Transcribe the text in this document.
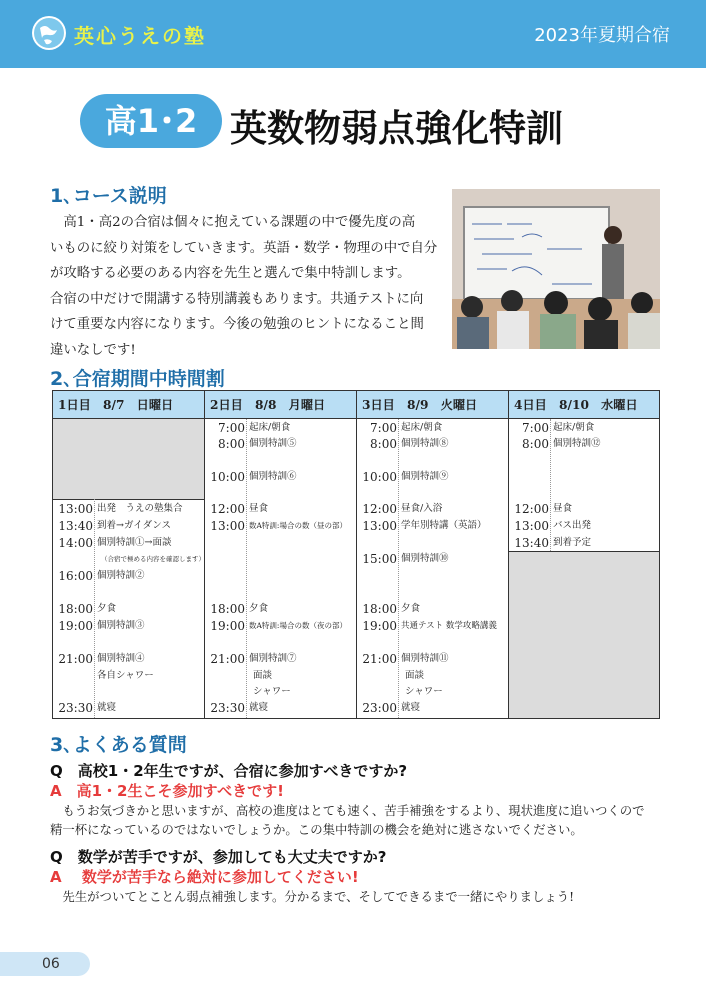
英心うえの塾	2023年夏期合宿
高1･2 英数物弱点強化特訓
1､コース説明
高1・高2の合宿は個々に抱えている課題の中で優先度の高
いものに絞り対策をしていきます。英語・数学・物理の中で自分
が攻略する必要のある内容を先生と選んで集中特訓します。
合宿の中だけで開講する特別講義もあります。共通テストに向
けて重要な内容になります。今後の勉強のヒントになること間
違いなしです!
2､合宿期間中時間割
1日目　8/7　日曜日
13:00 出発　うえの塾集合
13:40 到着→ガイダンス
14:00 個別特訓①→面談
（合宿で極める内容を確認します）
16:00 個別特訓②
18:00 夕食
19:00 個別特訓③
21:00 個別特訓④
各自シャワー
23:30 就寝
2日目　8/8　月曜日
7:00 起床/朝食
8:00 個別特訓⑤
10:00 個別特訓⑥
12:00 昼食
13:00 数A特訓:場合の数（昼の部）
18:00 夕食
19:00 数A特訓:場合の数（夜の部）
21:00 個別特訓⑦
面談
シャワー
23:30 就寝
3日目　8/9　火曜日
7:00 起床/朝食
8:00 個別特訓⑧
10:00 個別特訓⑨
12:00 昼食/入浴
13:00 学年別特講（英語）
15:00 個別特訓⑩
18:00 夕食
19:00 共通テスト 数学攻略講義
21:00 個別特訓⑪
面談
シャワー
23:00 就寝
4日目　8/10　水曜日
7:00 起床/朝食
8:00 個別特訓⑫
12:00 昼食
13:00 バス出発
13:40 到着予定
3､よくある質問
Q　高校1・2年生ですが、合宿に参加すべきですか?
A　高1・2生こそ参加すべきです!
もうお気づきかと思いますが、高校の進度はとても速く、苦手補強をするより、現状進度に追いつくので
精一杯になっているのではないでしょうか。この集中特訓の機会を絶対に逃さないでください。
Q　数学が苦手ですが、参加しても大丈夫ですか?
A　 数学が苦手なら絶対に参加してください!
先生がついてとことん弱点補強します。分かるまで、そしてできるまで一緒にやりましょう!
06
